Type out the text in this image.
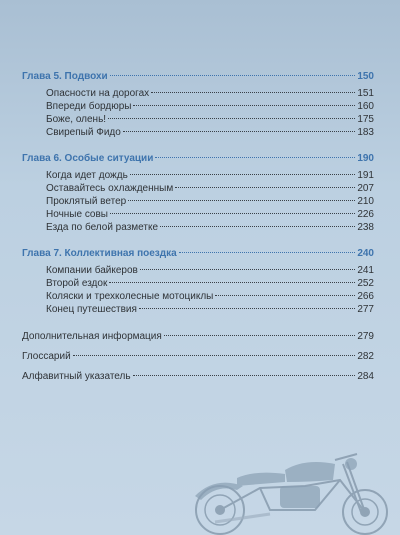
Глава 5. Подвохи	150
Опасности на дорогах	151
Впереди бордюры	160
Боже, олень!	175
Свирепый Фидо	183
Глава 6. Особые ситуации	190
Когда идет дождь	191
Оставайтесь охлажденным	207
Проклятый ветер	210
Ночные совы	226
Езда по белой разметке	238
Глава 7. Коллективная поездка	240
Компании байкеров	241
Второй ездок	252
Коляски и трехколесные мотоциклы	266
Конец путешествия	277
Дополнительная информация	279
Глоссарий	282
Алфавитный указатель	284
